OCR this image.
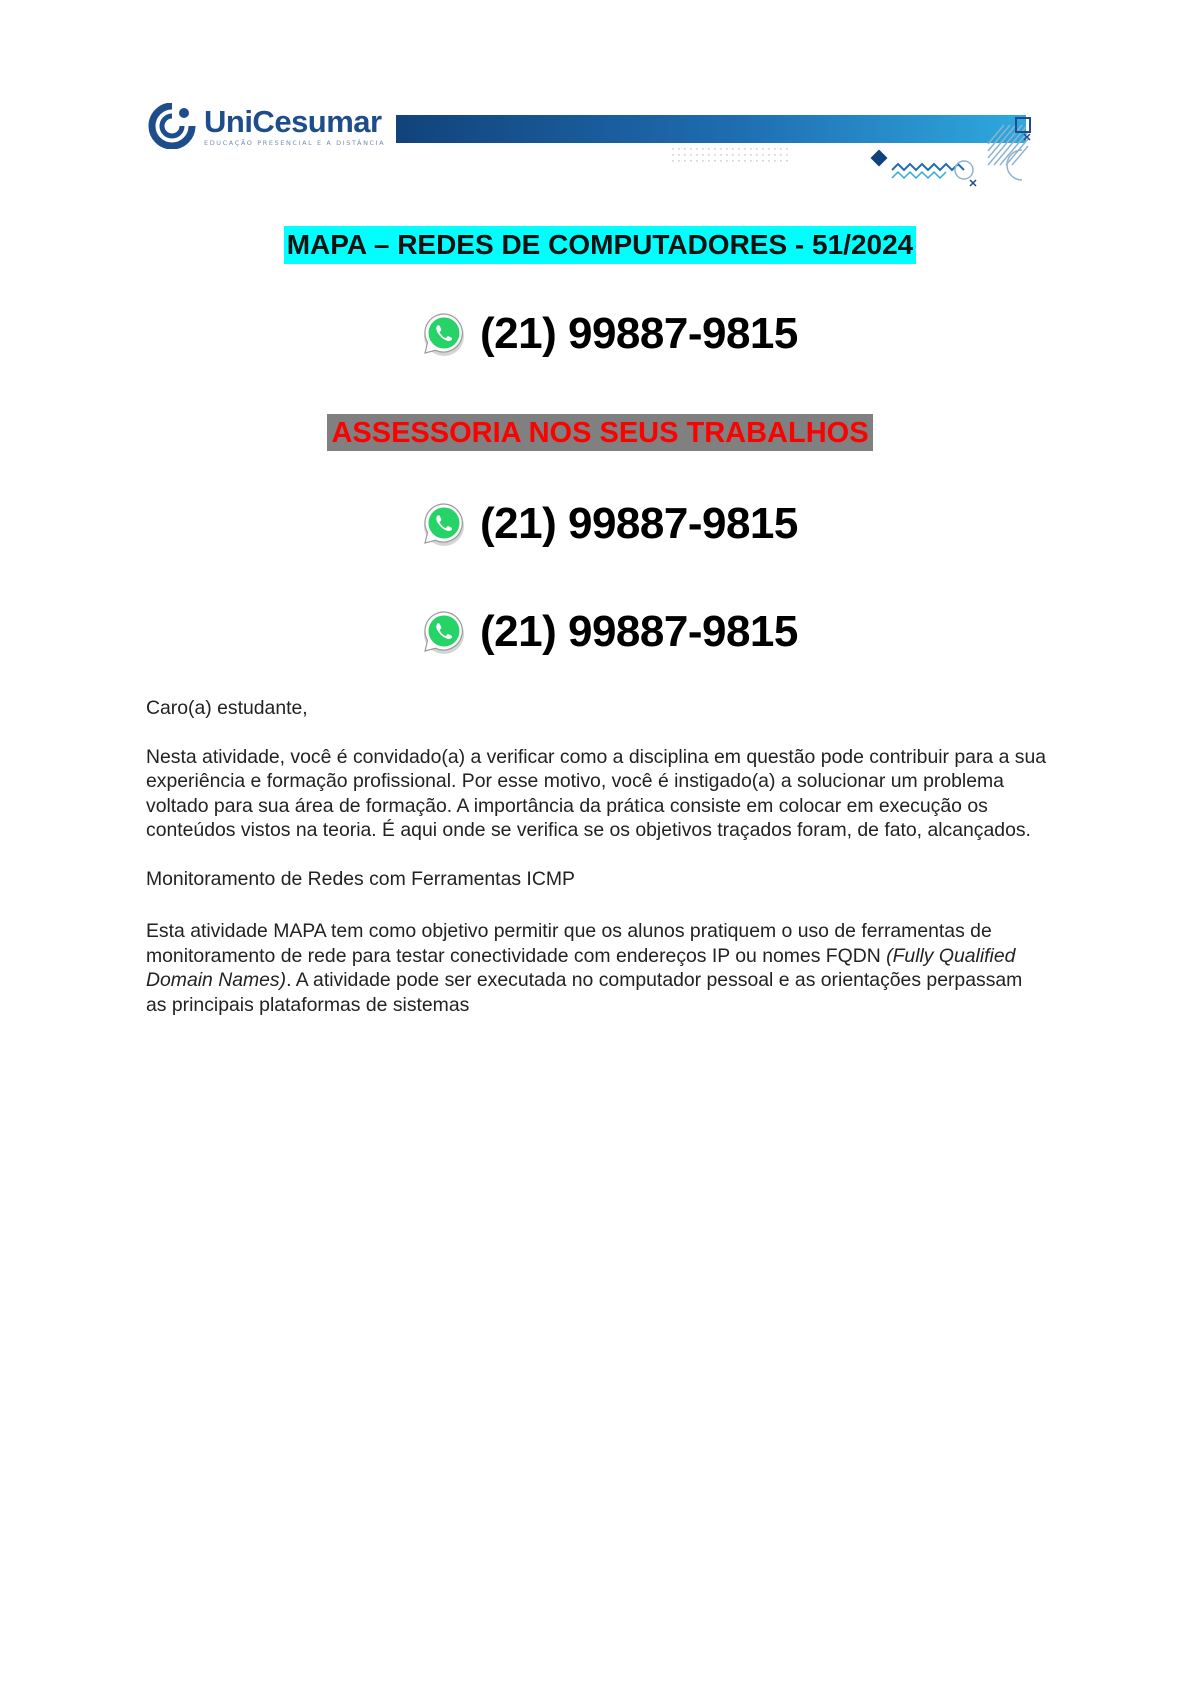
UniCesumar
EDUCAÇÃO PRESENCIAL E A DISTÂNCIA
MAPA – REDES DE COMPUTADORES - 51/2024
(21) 99887-9815
ASSESSORIA NOS SEUS TRABALHOS
(21) 99887-9815
(21) 99887-9815

Caro(a) estudante,

Nesta atividade, você é convidado(a) a verificar como a disciplina em questão pode contribuir para a sua experiência e formação profissional. Por esse motivo, você é instigado(a) a solucionar um problema voltado para sua área de formação. A importância da prática consiste em colocar em execução os conteúdos vistos na teoria. É aqui onde se verifica se os objetivos traçados foram, de fato, alcançados.

Monitoramento de Redes com Ferramentas ICMP

Esta atividade MAPA tem como objetivo permitir que os alunos pratiquem o uso de ferramentas de monitoramento de rede para testar conectividade com endereços IP ou nomes FQDN (Fully Qualified Domain Names). A atividade pode ser executada no computador pessoal e as orientações perpassam as principais plataformas de sistemas
